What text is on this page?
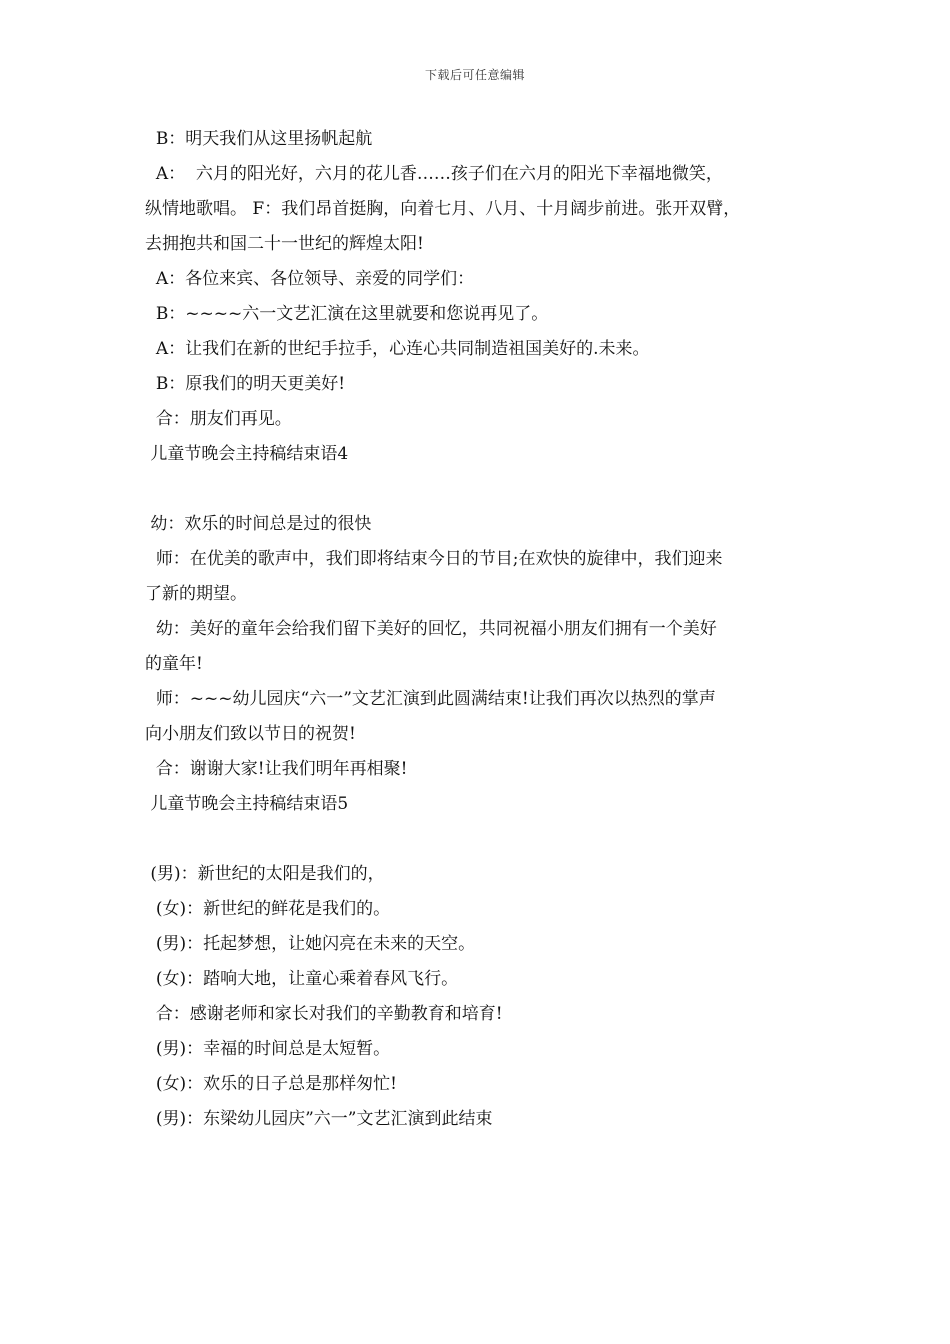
下载后可任意编辑
B：明天我们从这里扬帆起航
A：  六月的阳光好，六月的花儿香……孩子们在六月的阳光下幸福地微笑，
纵情地歌唱。 F：我们昂首挺胸，向着七月、八月、十月阔步前进。张开双臂，
去拥抱共和国二十一世纪的辉煌太阳!
A：各位来宾、各位领导、亲爱的同学们：
B：~~~~六一文艺汇演在这里就要和您说再见了。
A：让我们在新的世纪手拉手，心连心共同制造祖国美好的.未来。
B：原我们的明天更美好!
合：朋友们再见。
儿童节晚会主持稿结束语4
幼：欢乐的时间总是过的很快
师：在优美的歌声中，我们即将结束今日的节目;在欢快的旋律中，我们迎来
了新的期望。
幼：美好的童年会给我们留下美好的回忆，共同祝福小朋友们拥有一个美好
的童年!
师：~~~幼儿园庆“六一”文艺汇演到此圆满结束!让我们再次以热烈的掌声
向小朋友们致以节日的祝贺!
合：谢谢大家!让我们明年再相聚!
儿童节晚会主持稿结束语5
(男)：新世纪的太阳是我们的，
(女)：新世纪的鲜花是我们的。
(男)：托起梦想，让她闪亮在未来的天空。
(女)：踏响大地，让童心乘着春风飞行。
合：感谢老师和家长对我们的辛勤教育和培育!
(男)：幸福的时间总是太短暂。
(女)：欢乐的日子总是那样匆忙!
(男)：东梁幼儿园庆”六一”文艺汇演到此结束
